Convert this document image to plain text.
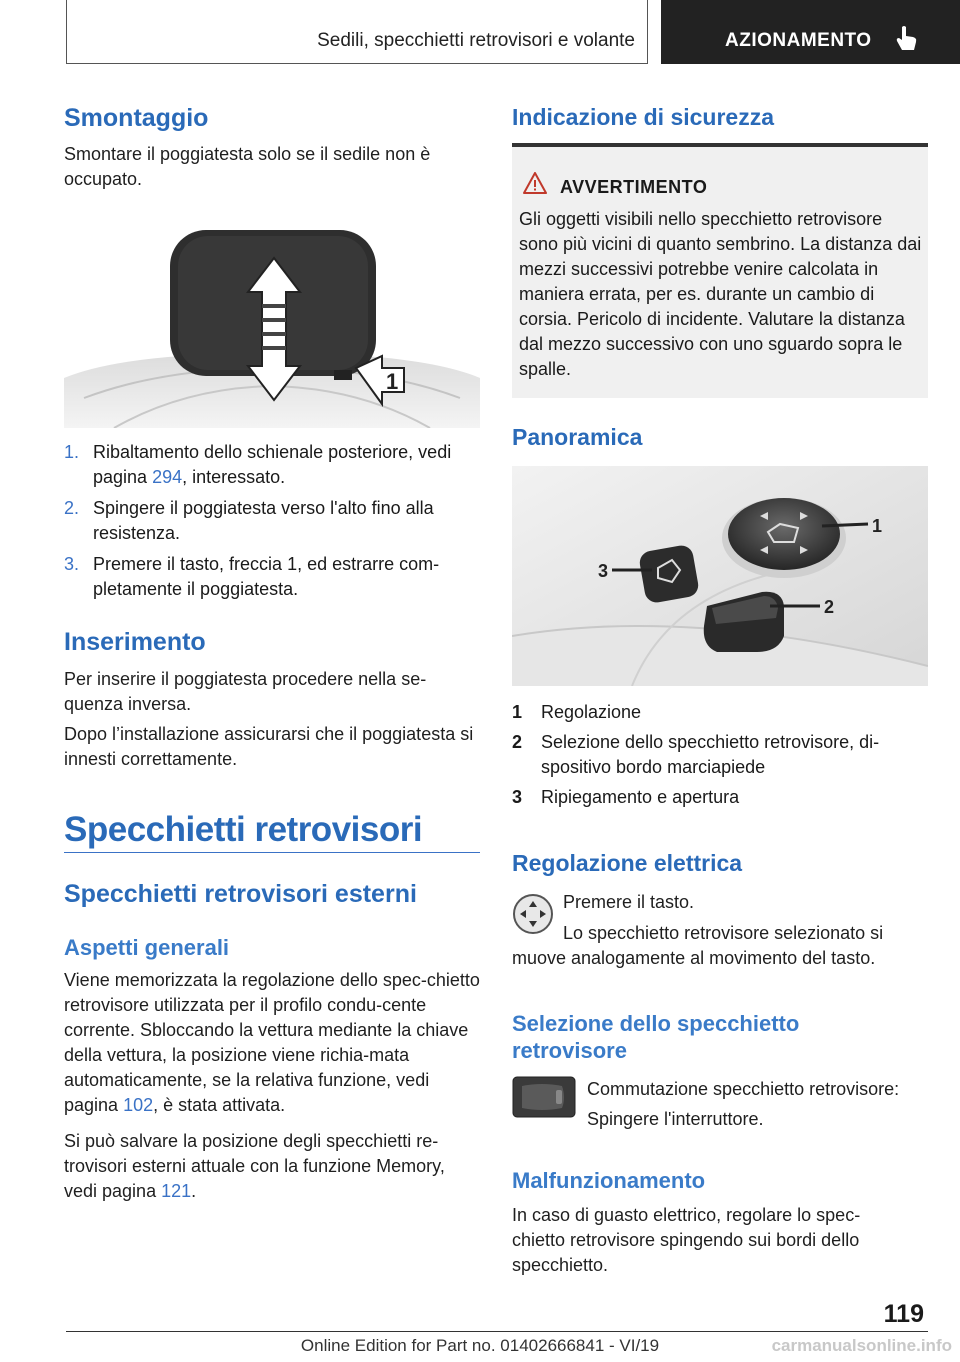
Sedili, specchietti retrovisori e volante	AZIONAMENTO
Smontaggio
Smontare il poggiatesta solo se il sedile non è occupato.
1
1. Ribaltamento dello schienale posteriore, vedi pagina 294, interessato.
2. Spingere il poggiatesta verso l'alto fino alla resistenza.
3. Premere il tasto, freccia 1, ed estrarre com-pletamente il poggiatesta.
Inserimento
Per inserire il poggiatesta procedere nella se-quenza inversa.
Dopo l’installazione assicurarsi che il poggiatesta si innesti correttamente.
Specchietti retrovisori
Specchietti retrovisori esterni
Aspetti generali
Viene memorizzata la regolazione dello spec-chietto retrovisore utilizzata per il profilo condu-cente corrente. Sbloccando la vettura mediante la chiave della vettura, la posizione viene richia-mata automaticamente, se la relativa funzione, vedi pagina 102, è stata attivata.
Si può salvare la posizione degli specchietti re-trovisori esterni attuale con la funzione Memory, vedi pagina 121.
Indicazione di sicurezza
AVVERTIMENTO
Gli oggetti visibili nello specchietto retrovisore sono più vicini di quanto sembrino. La distanza dai mezzi successivi potrebbe venire calcolata in maniera errata, per es. durante un cambio di corsia. Pericolo di incidente. Valutare la distanza dal mezzo successivo con uno sguardo sopra le spalle.
Panoramica
1
2
3
1 Regolazione
2 Selezione dello specchietto retrovisore, di-spositivo bordo marciapiede
3 Ripiegamento e apertura
Regolazione elettrica
Premere il tasto.
Lo specchietto retrovisore selezionato si muove analogamente al movimento del tasto.
Selezione dello specchietto retrovisore
Commutazione specchietto retrovisore:
Spingere l'interruttore.
Malfunzionamento
In caso di guasto elettrico, regolare lo spec-chietto retrovisore spingendo sui bordi dello specchietto.
119
Online Edition for Part no. 01402666841 - VI/19	carmanualsonline.info
